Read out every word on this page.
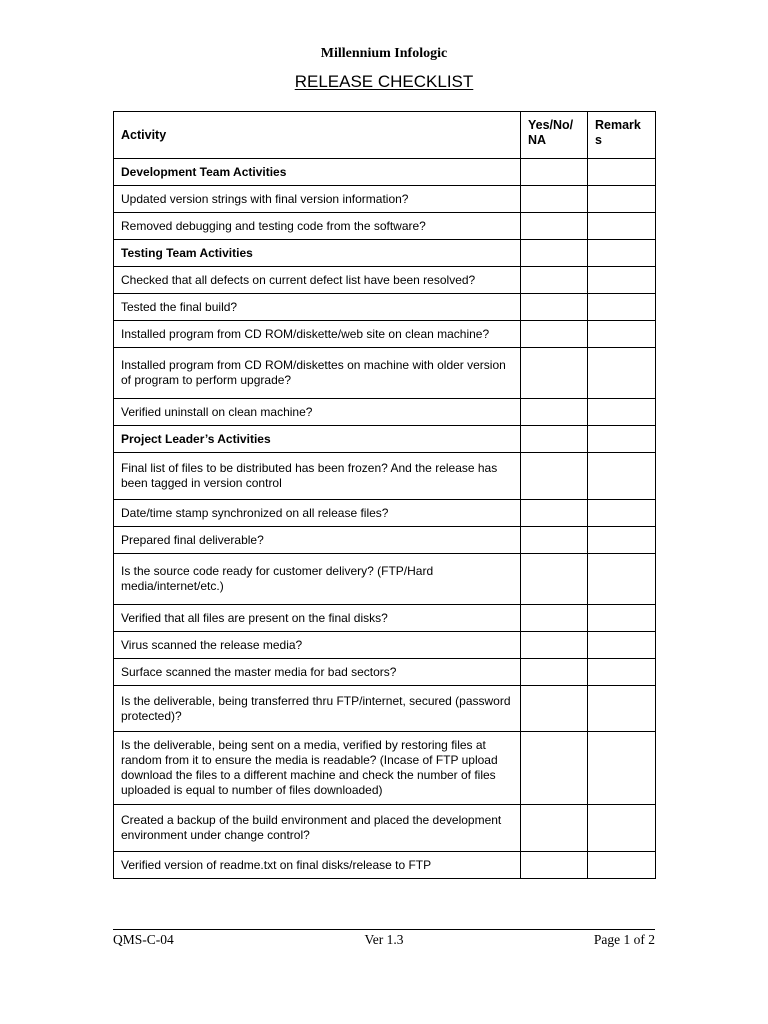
Millennium Infologic
RELEASE CHECKLIST
Activity	Yes/No/ NA	Remark s
Development Team Activities		
Updated version strings with final version information?		
Removed debugging and testing code from the software?		
Testing Team Activities		
Checked that all defects on current defect list have been resolved?		
Tested the final build?		
Installed program from CD ROM/diskette/web site on clean machine?		
Installed program from CD ROM/diskettes on machine with older version of program to perform upgrade?		
Verified uninstall on clean machine?		
Project Leader’s Activities		
Final list of files to be distributed has been frozen? And the release has been tagged in version control		
Date/time stamp synchronized on all release files?		
Prepared final deliverable?		
Is the source code ready for customer delivery? (FTP/Hard media/internet/etc.)		
Verified that all files are present on the final disks?		
Virus scanned the release media?		
Surface scanned the master media for bad sectors?		
Is the deliverable, being transferred thru FTP/internet, secured (password protected)?		
Is the deliverable, being sent on a media, verified by restoring files at random from it to ensure the media is readable? (Incase of FTP upload download the files to a different machine and check the number of files uploaded is equal to number of files downloaded)		
Created a backup of the build environment and placed the development environment under change control?		
Verified version of readme.txt on final disks/release to FTP		
QMS-C-04	Ver 1.3	Page 1 of 2
